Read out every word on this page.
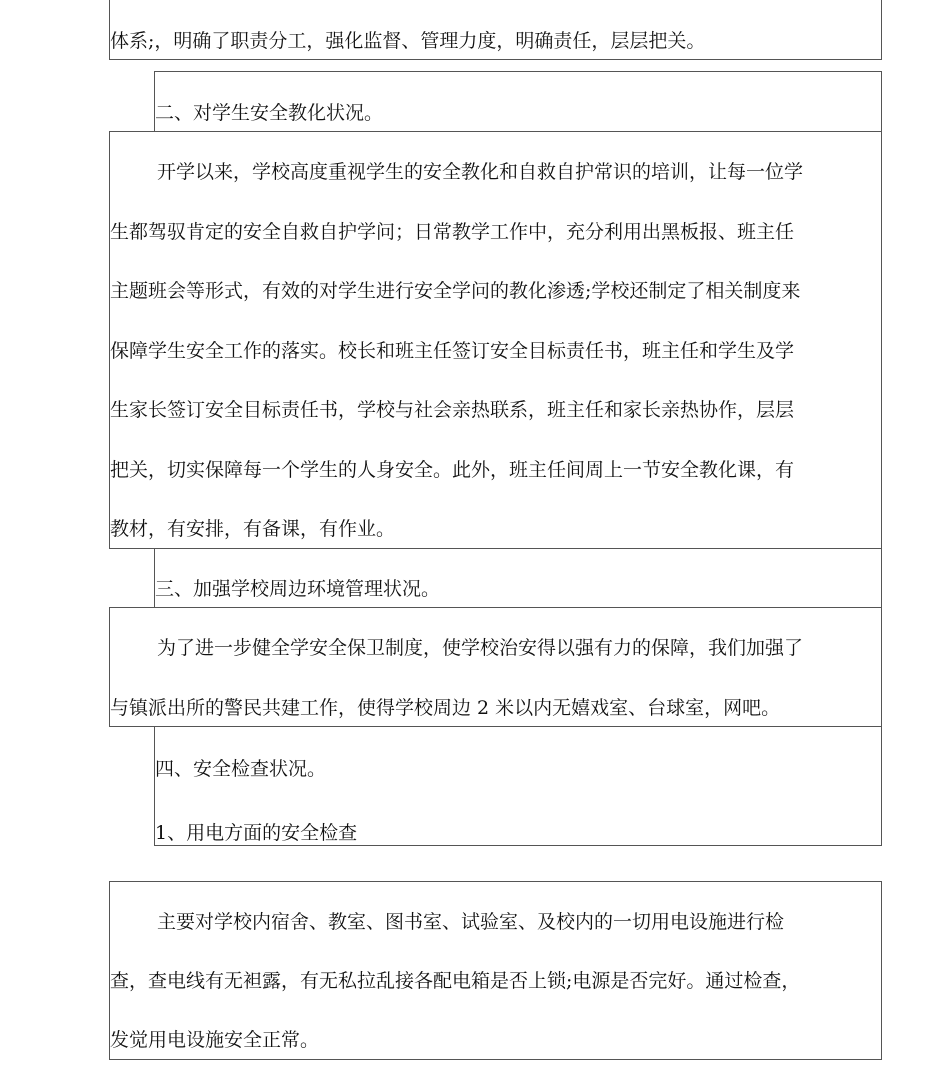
体系;，明确了职责分工，强化监督、管理力度，明确责任，层层把关。
二、对学生安全教化状况。
开学以来，学校高度重视学生的安全教化和自救自护常识的培训，让每一位学
生都驾驭肯定的安全自救自护学问；日常教学工作中，充分利用出黑板报、班主任
主题班会等形式，有效的对学生进行安全学问的教化渗透;学校还制定了相关制度来
保障学生安全工作的落实。校长和班主任签订安全目标责任书，班主任和学生及学
生家长签订安全目标责任书，学校与社会亲热联系，班主任和家长亲热协作，层层
把关，切实保障每一个学生的人身安全。此外，班主任间周上一节安全教化课，有
教材，有安排，有备课，有作业。
三、加强学校周边环境管理状况。
为了进一步健全学安全保卫制度，使学校治安得以强有力的保障，我们加强了
与镇派出所的警民共建工作，使得学校周边 2 米以内无嬉戏室、台球室，网吧。
四、安全检查状况。
1、用电方面的安全检查
主要对学校内宿舍、教室、图书室、试验室、及校内的一切用电设施进行检
查，查电线有无袒露，有无私拉乱接各配电箱是否上锁;电源是否完好。通过检查，
发觉用电设施安全正常。
